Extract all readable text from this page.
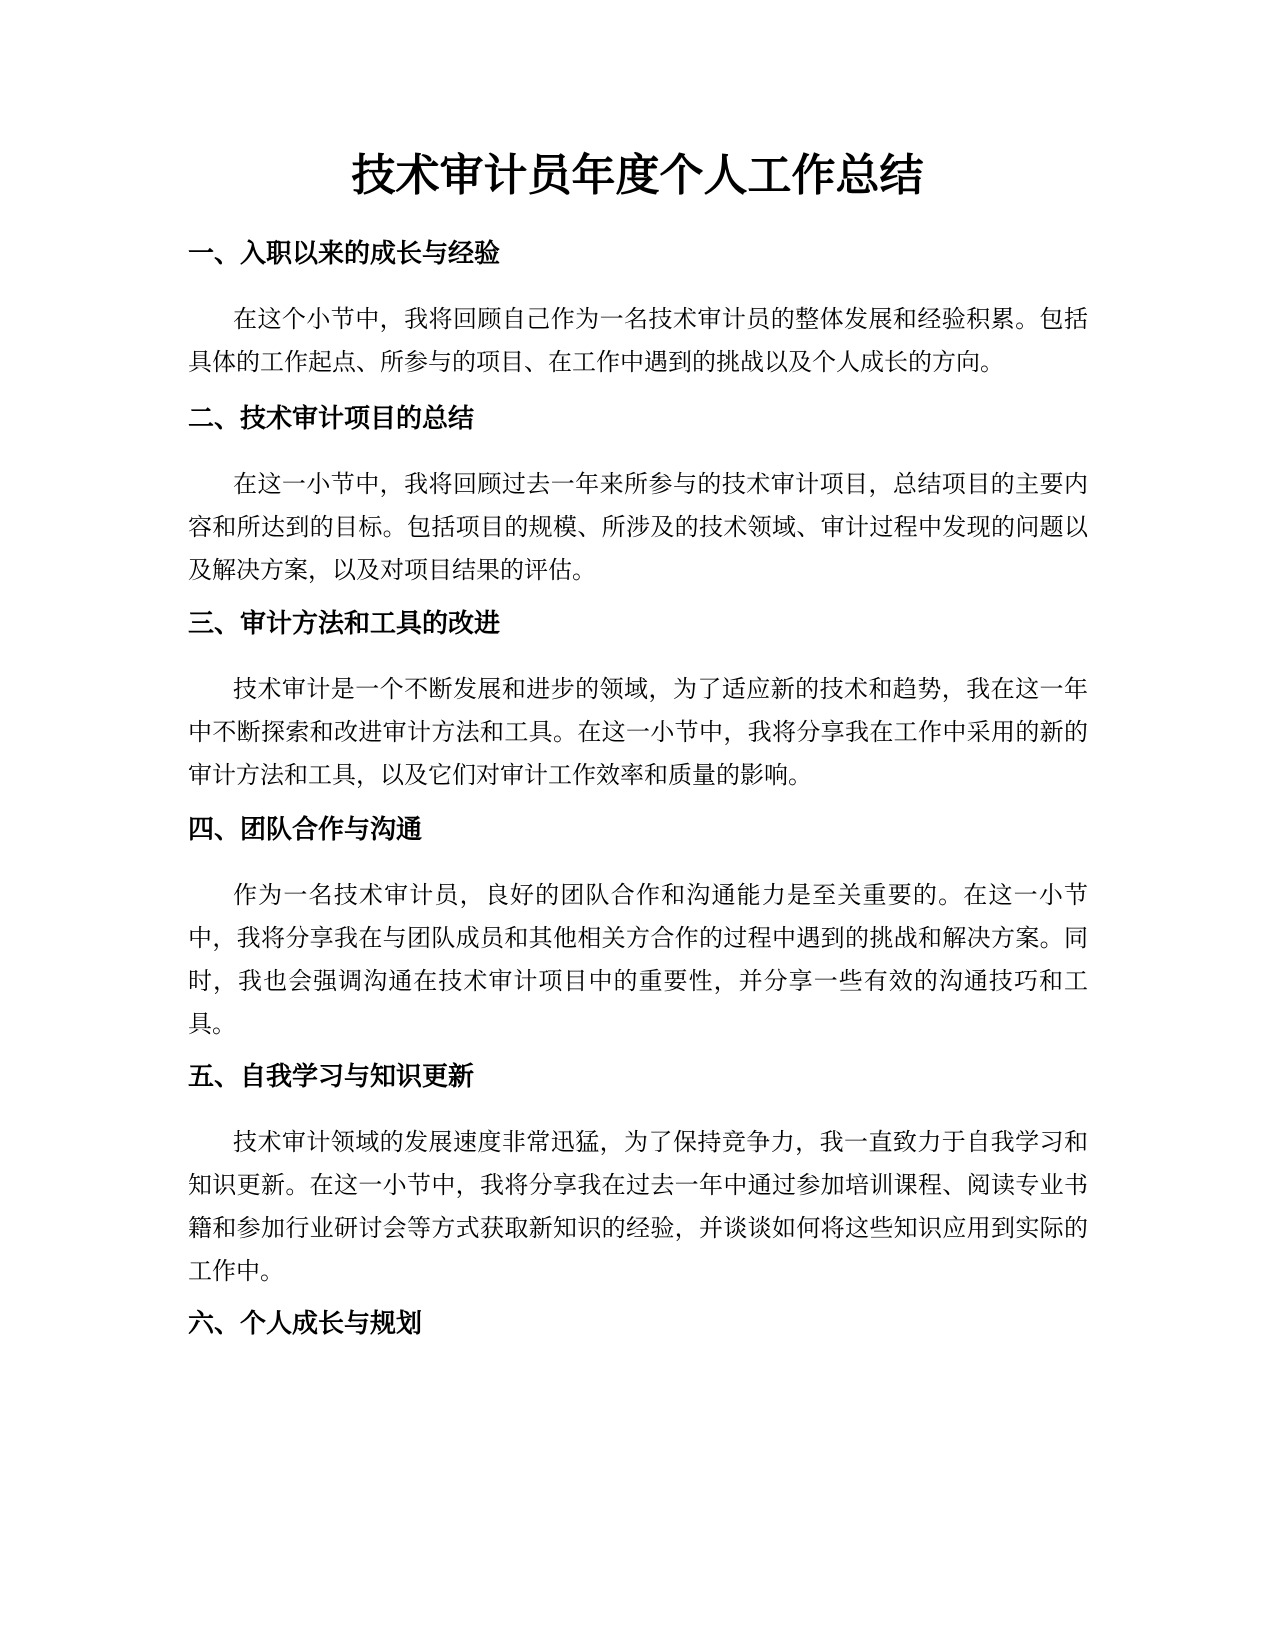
技术审计员年度个人工作总结
一、入职以来的成长与经验

在这个小节中，我将回顾自己作为一名技术审计员的整体发展和经验积累。包括具体的工作起点、所参与的项目、在工作中遇到的挑战以及个人成长的方向。

二、技术审计项目的总结

在这一小节中，我将回顾过去一年来所参与的技术审计项目，总结项目的主要内容和所达到的目标。包括项目的规模、所涉及的技术领域、审计过程中发现的问题以及解决方案，以及对项目结果的评估。

三、审计方法和工具的改进

技术审计是一个不断发展和进步的领域，为了适应新的技术和趋势，我在这一年中不断探索和改进审计方法和工具。在这一小节中，我将分享我在工作中采用的新的审计方法和工具，以及它们对审计工作效率和质量的影响。

四、团队合作与沟通

作为一名技术审计员，良好的团队合作和沟通能力是至关重要的。在这一小节中，我将分享我在与团队成员和其他相关方合作的过程中遇到的挑战和解决方案。同时，我也会强调沟通在技术审计项目中的重要性，并分享一些有效的沟通技巧和工具。

五、自我学习与知识更新

技术审计领域的发展速度非常迅猛，为了保持竞争力，我一直致力于自我学习和知识更新。在这一小节中，我将分享我在过去一年中通过参加培训课程、阅读专业书籍和参加行业研讨会等方式获取新知识的经验，并谈谈如何将这些知识应用到实际的工作中。

六、个人成长与规划
